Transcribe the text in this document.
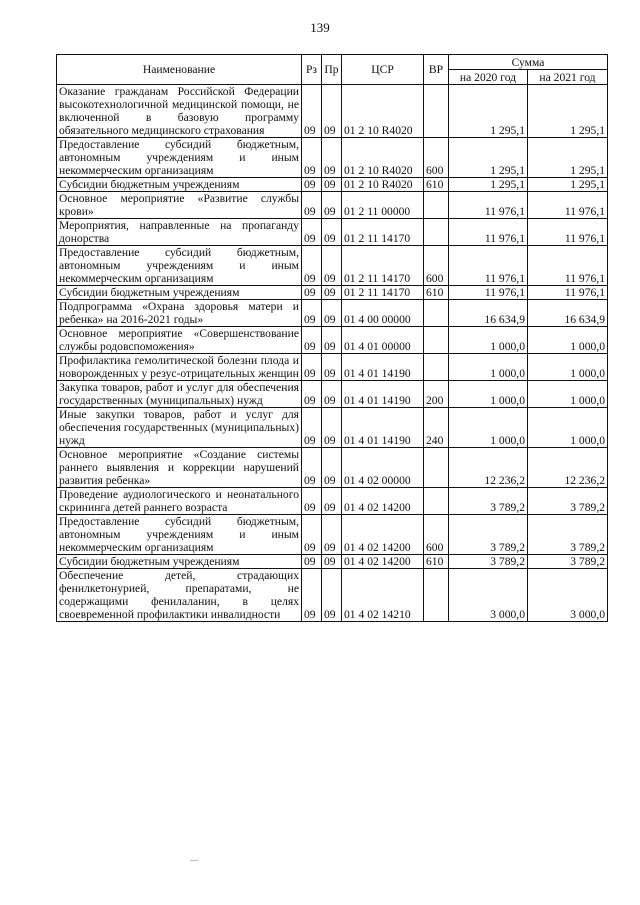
139
Наименование	Рз	Пр	ЦСР	ВР	Сумма	
					на 2020 год	на 2021 год
Оказание гражданам Российской Федерации высокотехнологичной медицинской помощи, не включенной в базовую программу обязательного медицинского страхования	09	09	01 2 10 R4020		1 295,1	1 295,1
Предоставление субсидий бюджетным, автономным учреждениям и иным некоммерческим организациям	09	09	01 2 10 R4020	600	1 295,1	1 295,1
Субсидии бюджетным учреждениям	09	09	01 2 10 R4020	610	1 295,1	1 295,1
Основное мероприятие «Развитие службы крови»	09	09	01 2 11 00000		11 976,1	11 976,1
Мероприятия, направленные на пропаганду донорства	09	09	01 2 11 14170		11 976,1	11 976,1
Предоставление субсидий бюджетным, автономным учреждениям и иным некоммерческим организациям	09	09	01 2 11 14170	600	11 976,1	11 976,1
Субсидии бюджетным учреждениям	09	09	01 2 11 14170	610	11 976,1	11 976,1
Подпрограмма «Охрана здоровья матери и ребенка» на 2016-2021 годы»	09	09	01 4 00 00000		16 634,9	16 634,9
Основное мероприятие «Совершенствование службы родовспоможения»	09	09	01 4 01 00000		1 000,0	1 000,0
Профилактика гемолитической болезни плода и новорожденных у резус-отрицательных женщин	09	09	01 4 01 14190		1 000,0	1 000,0
Закупка товаров, работ и услуг для обеспечения государственных (муниципальных) нужд	09	09	01 4 01 14190	200	1 000,0	1 000,0
Иные закупки товаров, работ и услуг для обеспечения государственных (муниципальных) нужд	09	09	01 4 01 14190	240	1 000,0	1 000,0
Основное мероприятие «Создание системы раннего выявления и коррекции нарушений развития ребенка»	09	09	01 4 02 00000		12 236,2	12 236,2
Проведение аудиологического и неонатального скрининга детей раннего возраста	09	09	01 4 02 14200		3 789,2	3 789,2
Предоставление субсидий бюджетным, автономным учреждениям и иным некоммерческим организациям	09	09	01 4 02 14200	600	3 789,2	3 789,2
Субсидии бюджетным учреждениям	09	09	01 4 02 14200	610	3 789,2	3 789,2
Обеспечение детей, страдающих фенилкетонурией, препаратами, не содержащими фенилаланин, в целях своевременной профилактики инвалидности	09	09	01 4 02 14210		3 000,0	3 000,0
